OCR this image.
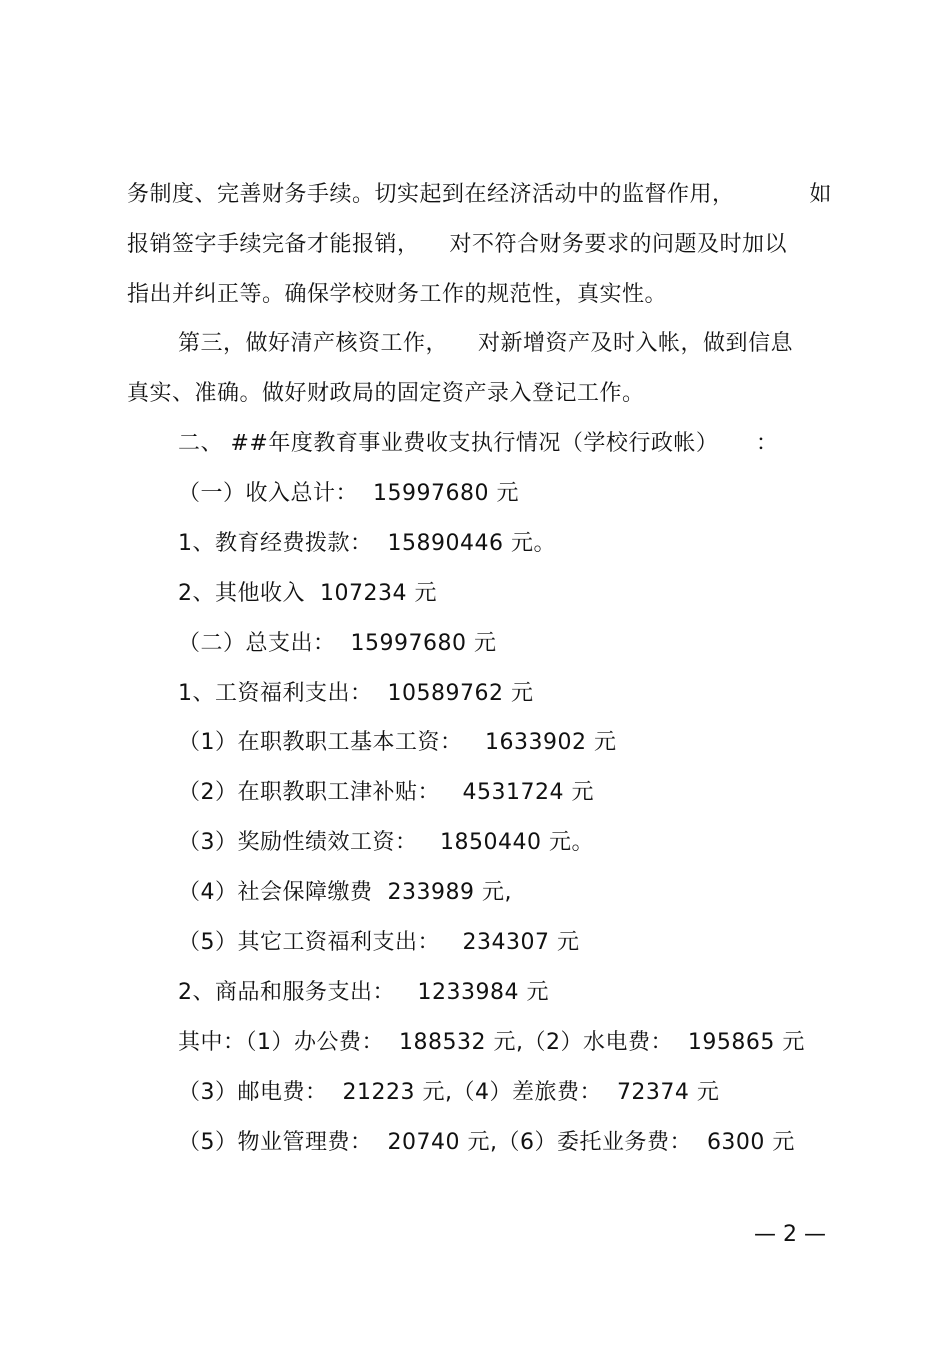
务制度、完善财务手续。切实起到在经济活动中的监督作用，          如
报销签字手续完备才能报销，    对不符合财务要求的问题及时加以
指出并纠正等。确保学校财务工作的规范性，真实性。
第三，做好清产核资工作，    对新增资产及时入帐，做到信息
真实、准确。做好财政局的固定资产录入登记工作。
二、 ##年度教育事业费收支执行情况（学校行政帐）     ：
（一）收入总计：  15997680 元
1、教育经费拨款：  15890446 元。
2、其他收入  107234 元
（二）总支出：  15997680 元
1、工资福利支出：  10589762 元
（1）在职教职工基本工资：   1633902 元
（2）在职教职工津补贴：   4531724 元
（3）奖励性绩效工资：   1850440 元。
（4）社会保障缴费  233989 元,
（5）其它工资福利支出：   234307 元
2、商品和服务支出：   1233984 元
其中：（1）办公费：  188532 元,（2）水电费：  195865 元
（3）邮电费：  21223 元,（4）差旅费：  72374 元
（5）物业管理费：  20740 元,（6）委托业务费：  6300 元
— 2 —
